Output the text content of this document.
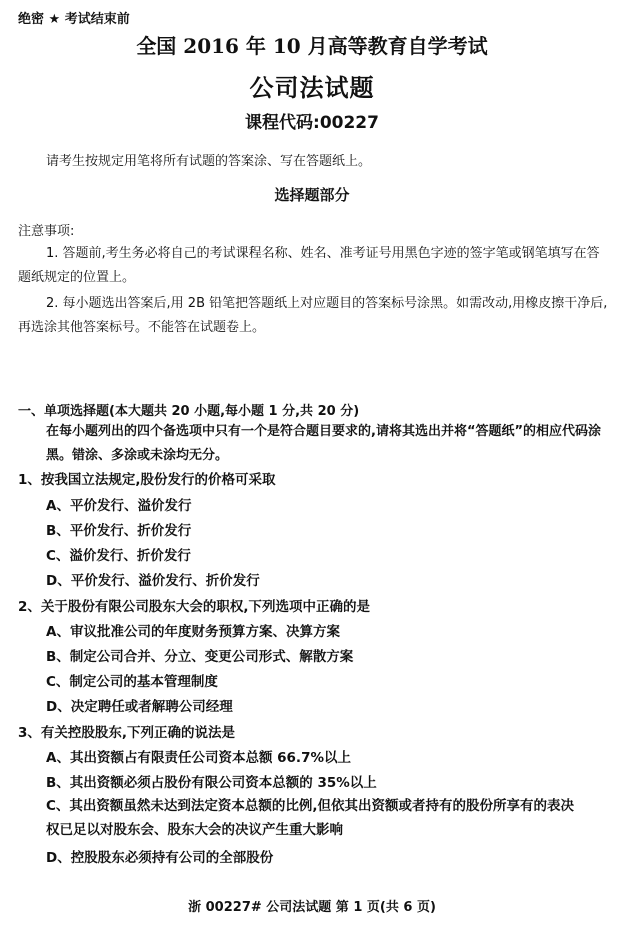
绝密 ★ 考试结束前
全国 2016 年 10 月高等教育自学考试
公司法试题
课程代码:00227
请考生按规定用笔将所有试题的答案涂、写在答题纸上。
选择题部分
注意事项:
1. 答题前,考生务必将自己的考试课程名称、姓名、准考证号用黑色字迹的签字笔或钢笔填写在答题纸规定的位置上。
2. 每小题选出答案后,用 2B 铅笔把答题纸上对应题目的答案标号涂黑。如需改动,用橡皮擦干净后,再选涂其他答案标号。不能答在试题卷上。
一、单项选择题(本大题共 20 小题,每小题 1 分,共 20 分)
在每小题列出的四个备选项中只有一个是符合题目要求的,请将其选出并将“答题纸”的相应代码涂黑。错涂、多涂或未涂均无分。
1、按我国立法规定,股份发行的价格可采取
A、平价发行、溢价发行
B、平价发行、折价发行
C、溢价发行、折价发行
D、平价发行、溢价发行、折价发行
2、关于股份有限公司股东大会的职权,下列选项中正确的是
A、审议批准公司的年度财务预算方案、决算方案
B、制定公司合并、分立、变更公司形式、解散方案
C、制定公司的基本管理制度
D、决定聘任或者解聘公司经理
3、有关控股股东,下列正确的说法是
A、其出资额占有限责任公司资本总额 66.7%以上
B、其出资额必须占股份有限公司资本总额的 35%以上
C、其出资额虽然未达到法定资本总额的比例,但依其出资额或者持有的股份所享有的表决权已足以对股东会、股东大会的决议产生重大影响
D、控股股东必须持有公司的全部股份
浙 00227# 公司法试题 第 1 页(共 6 页)
